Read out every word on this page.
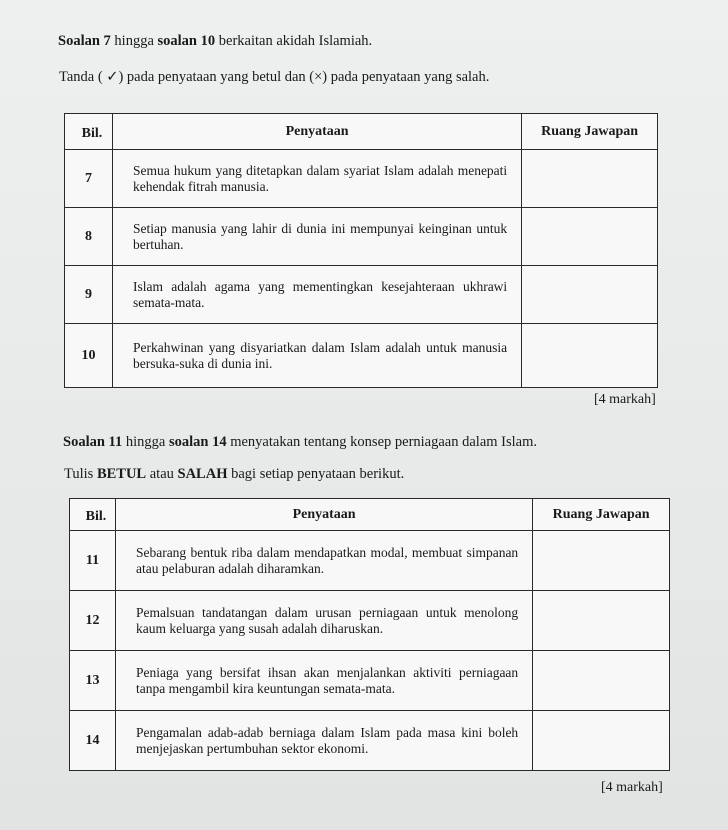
Soalan 7 hingga soalan 10 berkaitan akidah Islamiah.
Tanda ( ✓) pada penyataan yang betul dan (×) pada penyataan yang salah.
Bil.	Penyataan	Ruang Jawapan
7	Semua hukum yang ditetapkan dalam syariat Islam adalah menepati kehendak fitrah manusia.	
8	Setiap manusia yang lahir di dunia ini mempunyai keinginan untuk bertuhan.	
9	Islam adalah agama yang mementingkan kesejahteraan ukhrawi semata-mata.	
10	Perkahwinan yang disyariatkan dalam Islam adalah untuk manusia bersuka-suka di dunia ini.	
[4 markah]
Soalan 11 hingga soalan 14 menyatakan tentang konsep perniagaan dalam Islam.
Tulis BETUL atau SALAH bagi setiap penyataan berikut.
Bil.	Penyataan	Ruang Jawapan
11	Sebarang bentuk riba dalam mendapatkan modal, membuat simpanan atau pelaburan adalah diharamkan.	
12	Pemalsuan tandatangan dalam urusan perniagaan untuk menolong kaum keluarga yang susah adalah diharuskan.	
13	Peniaga yang bersifat ihsan akan menjalankan aktiviti perniagaan tanpa mengambil kira keuntungan semata-mata.	
14	Pengamalan adab-adab berniaga dalam Islam pada masa kini boleh menjejaskan pertumbuhan sektor ekonomi.	
[4 markah]
